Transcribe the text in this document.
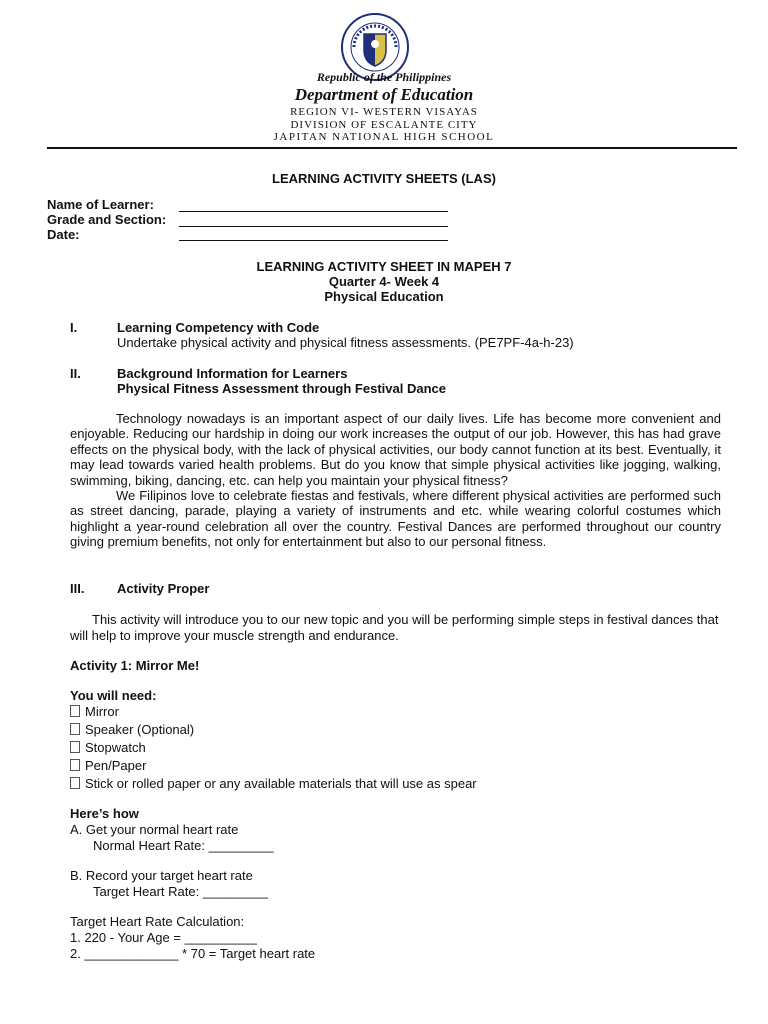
Republic of the Philippines
Department of Education
REGION VI- WESTERN VISAYAS
DIVISION OF ESCALANTE CITY
JAPITAN NATIONAL HIGH SCHOOL
LEARNING ACTIVITY SHEETS (LAS)
Name of Learner:
Grade and Section:
Date:
LEARNING ACTIVITY SHEET IN MAPEH 7
Quarter 4- Week 4
Physical Education
I.	Learning Competency with Code
Undertake physical activity and physical fitness assessments. (PE7PF-4a-h-23)
II.	Background Information for Learners
Physical Fitness Assessment through Festival Dance

Technology nowadays is an important aspect of our daily lives. Life has become more convenient and enjoyable. Reducing our hardship in doing our work increases the output of our job. However, this has had grave effects on the physical body, with the lack of physical activities, our body cannot function at its best. Eventually, it may lead towards varied health problems. But do you know that simple physical activities like jogging, walking, swimming, biking, dancing, etc. can help you maintain your physical fitness?

We Filipinos love to celebrate fiestas and festivals, where different physical activities are performed such as street dancing, parade, playing a variety of instruments and etc. while wearing colorful costumes which highlight a year-round celebration all over the country. Festival Dances are performed throughout our country giving premium benefits, not only for entertainment but also to our personal fitness.

III.	Activity Proper

This activity will introduce you to our new topic and you will be performing simple steps in festival dances that will help to improve your muscle strength and endurance.

Activity 1: Mirror Me!
You will need:
Mirror
Speaker (Optional)
Stopwatch
Pen/Paper
Stick or rolled paper or any available materials that will use as spear
Here’s how
A. Get your normal heart rate
Normal Heart Rate: _________
B. Record your target heart rate
Target Heart Rate: _________
Target Heart Rate Calculation:
1. 220 - Your Age = __________
2. _____________ * 70 = Target heart rate
